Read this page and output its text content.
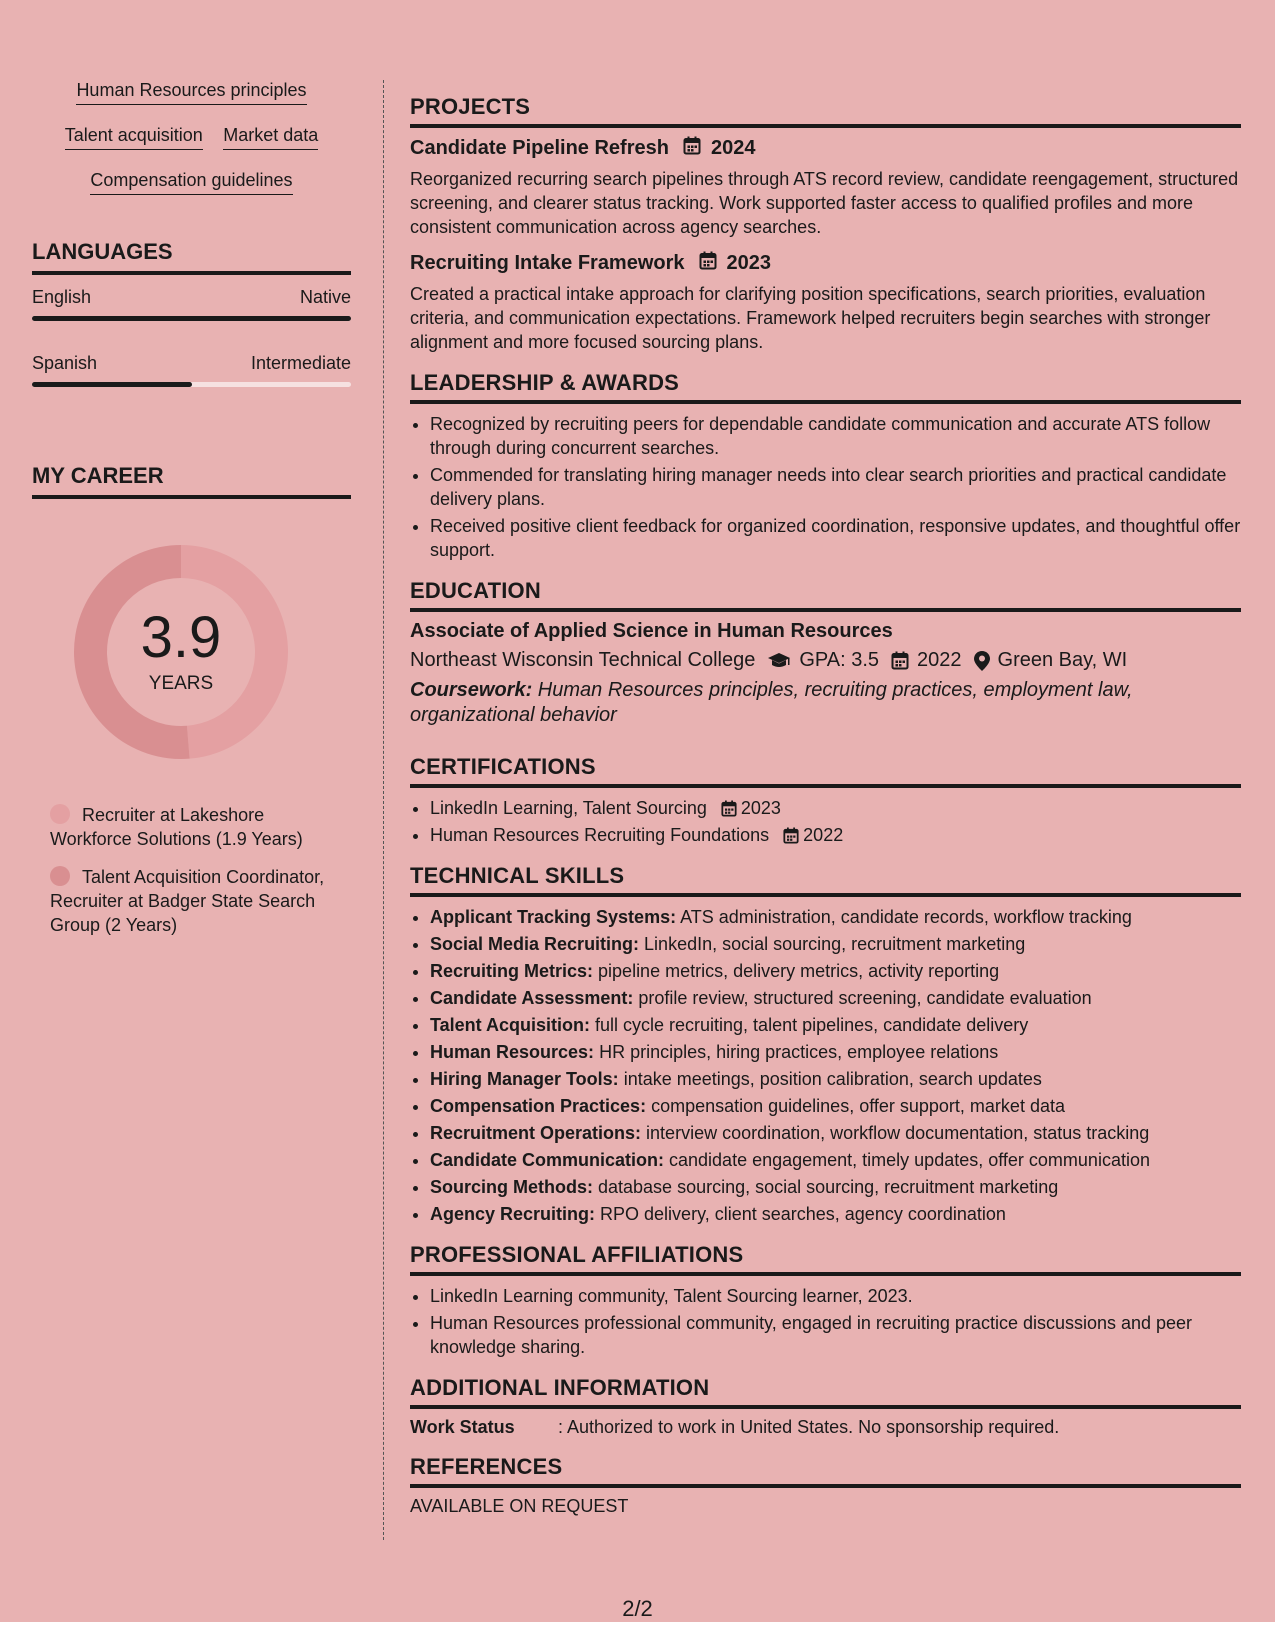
Human Resources principles
Talent acquisition Market data
Compensation guidelines
LANGUAGES
English	Native
Spanish	Intermediate
MY CAREER
3.9
YEARS
Recruiter at Lakeshore Workforce Solutions (1.9 Years)
Talent Acquisition Coordinator, Recruiter at Badger State Search Group (2 Years)
PROJECTS
Candidate Pipeline Refresh 2024
Reorganized recurring search pipelines through ATS record review, candidate reengagement, structured screening, and clearer status tracking. Work supported faster access to qualified profiles and more consistent communication across agency searches.
Recruiting Intake Framework 2023
Created a practical intake approach for clarifying position specifications, search priorities, evaluation criteria, and communication expectations. Framework helped recruiters begin searches with stronger alignment and more focused sourcing plans.
LEADERSHIP & AWARDS
• Recognized by recruiting peers for dependable candidate communication and accurate ATS follow through during concurrent searches.
• Commended for translating hiring manager needs into clear search priorities and practical candidate delivery plans.
• Received positive client feedback for organized coordination, responsive updates, and thoughtful offer support.
EDUCATION
Associate of Applied Science in Human Resources
Northeast Wisconsin Technical College GPA: 3.5 2022 Green Bay, WI
Coursework: Human Resources principles, recruiting practices, employment law, organizational behavior
CERTIFICATIONS
• LinkedIn Learning, Talent Sourcing 2023
• Human Resources Recruiting Foundations 2022
TECHNICAL SKILLS
• Applicant Tracking Systems: ATS administration, candidate records, workflow tracking
• Social Media Recruiting: LinkedIn, social sourcing, recruitment marketing
• Recruiting Metrics: pipeline metrics, delivery metrics, activity reporting
• Candidate Assessment: profile review, structured screening, candidate evaluation
• Talent Acquisition: full cycle recruiting, talent pipelines, candidate delivery
• Human Resources: HR principles, hiring practices, employee relations
• Hiring Manager Tools: intake meetings, position calibration, search updates
• Compensation Practices: compensation guidelines, offer support, market data
• Recruitment Operations: interview coordination, workflow documentation, status tracking
• Candidate Communication: candidate engagement, timely updates, offer communication
• Sourcing Methods: database sourcing, social sourcing, recruitment marketing
• Agency Recruiting: RPO delivery, client searches, agency coordination
PROFESSIONAL AFFILIATIONS
• LinkedIn Learning community, Talent Sourcing learner, 2023.
• Human Resources professional community, engaged in recruiting practice discussions and peer knowledge sharing.
ADDITIONAL INFORMATION
Work Status	: Authorized to work in United States. No sponsorship required.
REFERENCES
AVAILABLE ON REQUEST
2/2
